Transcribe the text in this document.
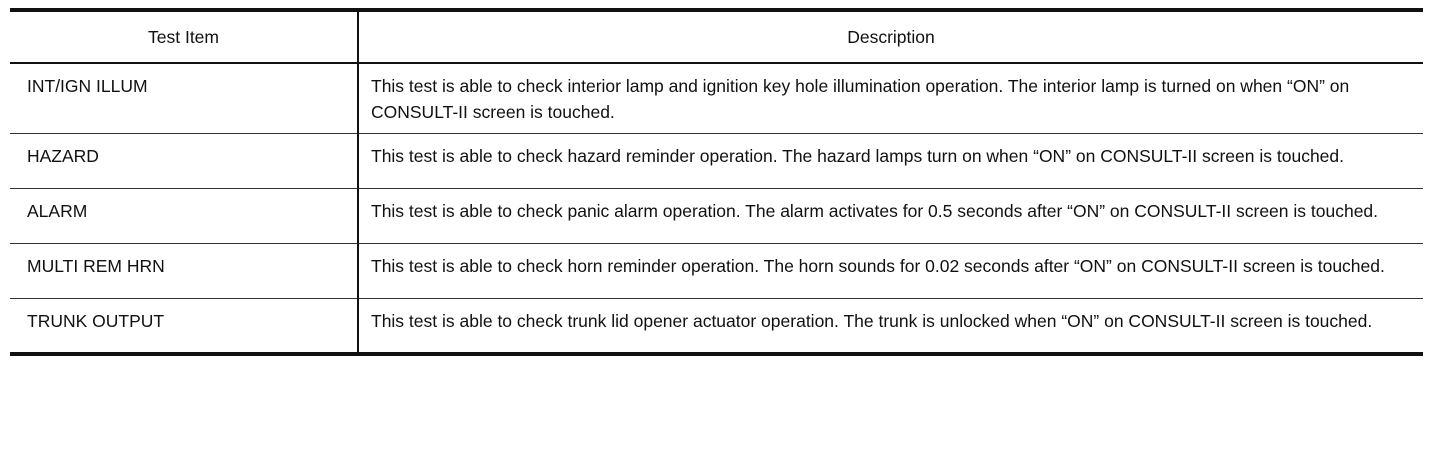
Test Item	Description
INT/IGN ILLUM	This test is able to check interior lamp and ignition key hole illumination operation. The interior lamp is turned on when “ON” on CONSULT-II screen is touched.
HAZARD	This test is able to check hazard reminder operation. The hazard lamps turn on when “ON” on CONSULT-II screen is touched.
ALARM	This test is able to check panic alarm operation. The alarm activates for 0.5 seconds after “ON” on CONSULT-II screen is touched.
MULTI REM HRN	This test is able to check horn reminder operation. The horn sounds for 0.02 seconds after “ON” on CONSULT-II screen is touched.
TRUNK OUTPUT	This test is able to check trunk lid opener actuator operation. The trunk is unlocked when “ON” on CONSULT-II screen is touched.
